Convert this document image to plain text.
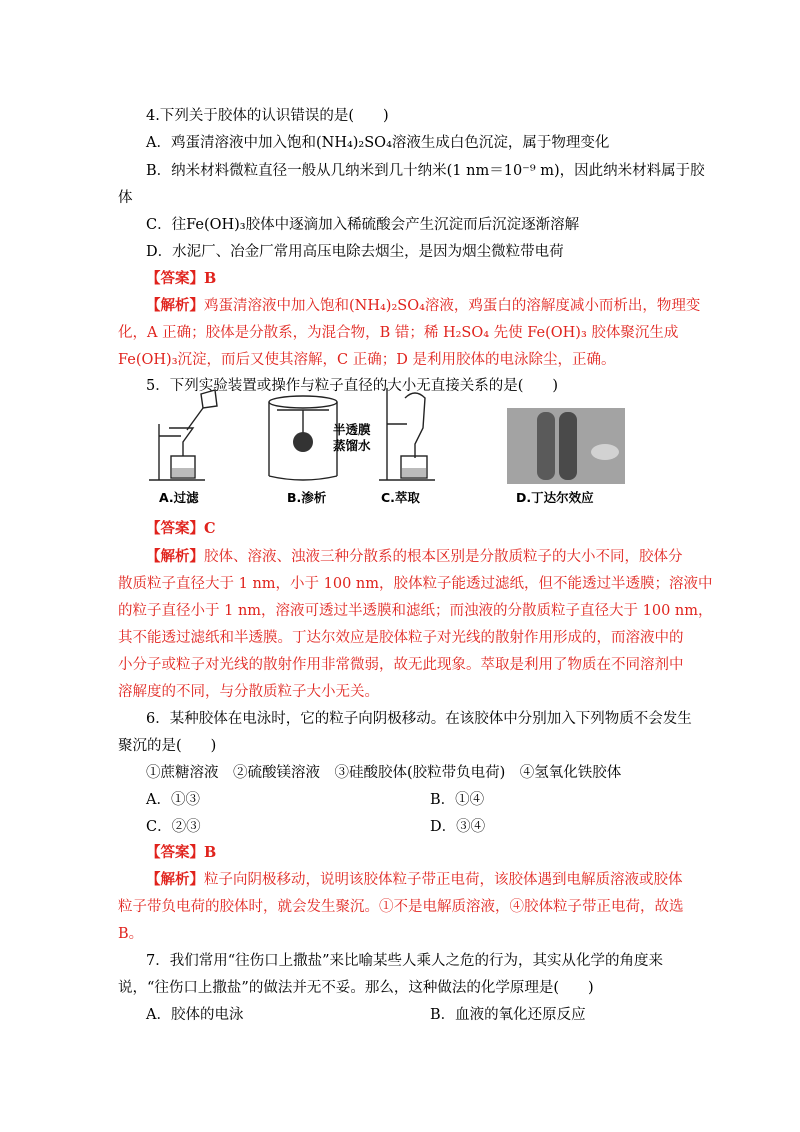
4.下列关于胶体的认识错误的是(　　)
A．鸡蛋清溶液中加入饱和(NH₄)₂SO₄溶液生成白色沉淀，属于物理变化
B．纳米材料微粒直径一般从几纳米到几十纳米(1 nm＝10⁻⁹ m)，因此纳米材料属于胶
体
C．往Fe(OH)₃胶体中逐滴加入稀硫酸会产生沉淀而后沉淀逐渐溶解
D．水泥厂、冶金厂常用高压电除去烟尘，是因为烟尘微粒带电荷
【答案】B
【解析】鸡蛋清溶液中加入饱和(NH₄)₂SO₄溶液，鸡蛋白的溶解度减小而析出，物理变
化，A 正确；胶体是分散系，为混合物，B 错；稀 H₂SO₄ 先使 Fe(OH)₃ 胶体聚沉生成
Fe(OH)₃沉淀，而后又使其溶解，C 正确；D 是利用胶体的电泳除尘，正确。
5．下列实验装置或操作与粒子直径的大小无直接关系的是(　　)
A.过滤
半透膜
蒸馏水
B.渗析	C.萃取	D.丁达尔效应
【答案】C
【解析】胶体、溶液、浊液三种分散系的根本区别是分散质粒子的大小不同，胶体分
散质粒子直径大于 1 nm，小于 100 nm，胶体粒子能透过滤纸，但不能透过半透膜；溶液中
的粒子直径小于 1 nm，溶液可透过半透膜和滤纸；而浊液的分散质粒子直径大于 100 nm，
其不能透过滤纸和半透膜。丁达尔效应是胶体粒子对光线的散射作用形成的，而溶液中的
小分子或粒子对光线的散射作用非常微弱，故无此现象。萃取是利用了物质在不同溶剂中
溶解度的不同，与分散质粒子大小无关。
6．某种胶体在电泳时，它的粒子向阴极移动。在该胶体中分别加入下列物质不会发生
聚沉的是(　　)
①蔗糖溶液　②硫酸镁溶液　③硅酸胶体(胶粒带负电荷)　④氢氧化铁胶体
A．①③	B．①④
C．②③	D．③④
【答案】B
【解析】粒子向阴极移动，说明该胶体粒子带正电荷，该胶体遇到电解质溶液或胶体
粒子带负电荷的胶体时，就会发生聚沉。①不是电解质溶液，④胶体粒子带正电荷，故选
B。
7．我们常用“往伤口上撒盐”来比喻某些人乘人之危的行为，其实从化学的角度来
说，“往伤口上撒盐”的做法并无不妥。那么，这种做法的化学原理是(　　)
A．胶体的电泳	B．血液的氧化还原反应
